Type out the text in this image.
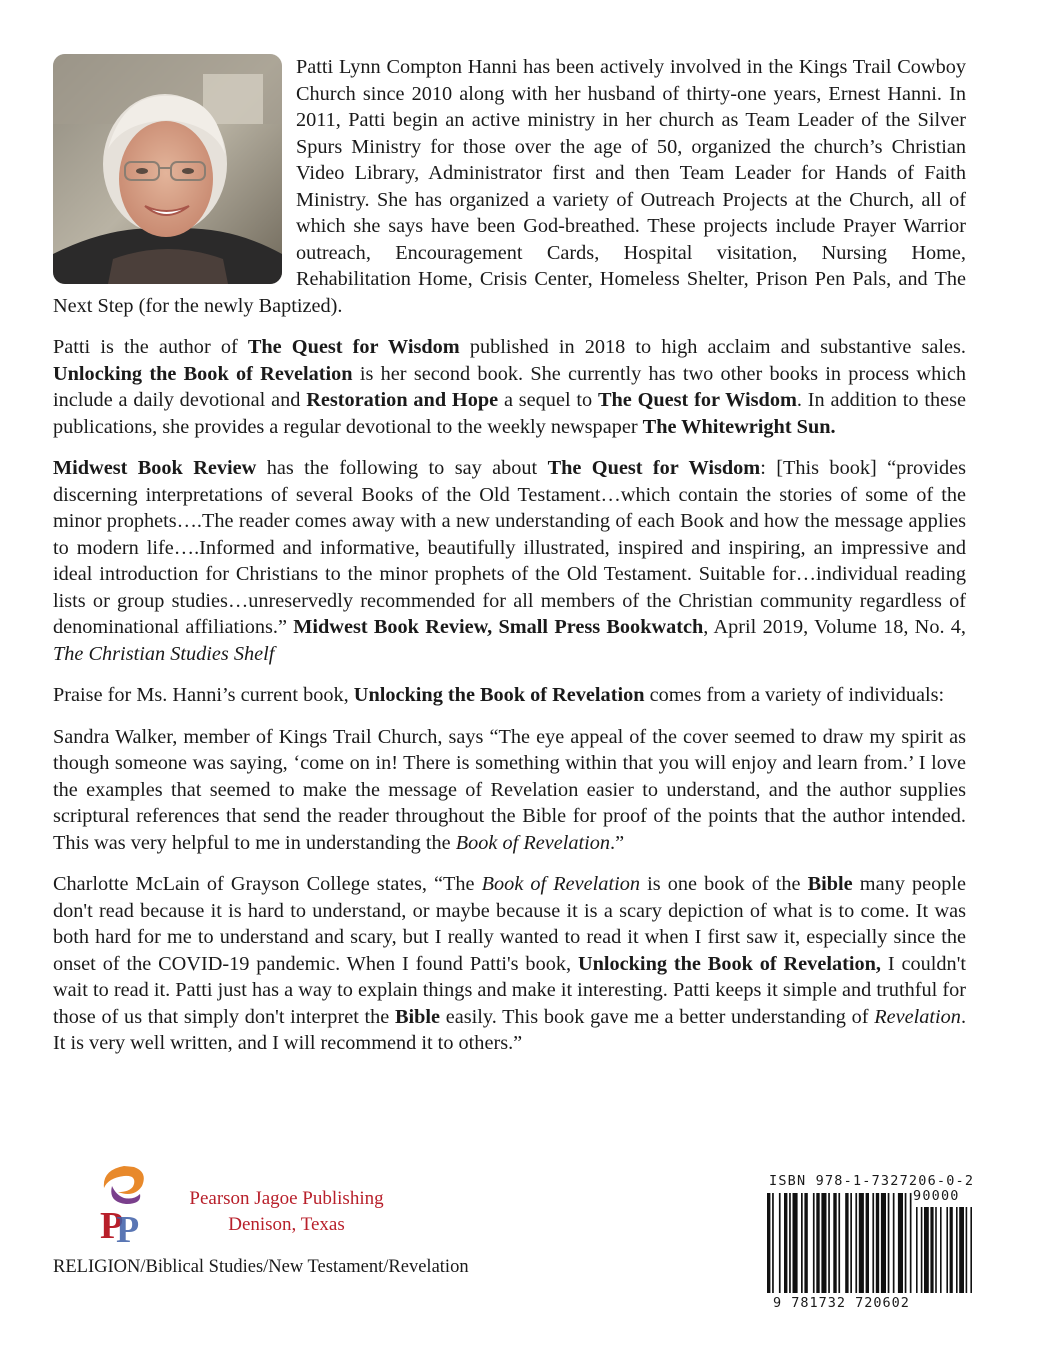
Patti Lynn Compton Hanni has been actively involved in the Kings Trail Cowboy Church since 2010 along with her husband of thirty-one years, Ernest Hanni. In 2011, Patti begin an active ministry in her church as Team Leader of the Silver Spurs Ministry for those over the age of 50, organized the church’s Christian Video Library, Administrator first and then Team Leader for Hands of Faith Ministry. She has organized a variety of Outreach Projects at the Church, all of which she says have been God-breathed. These projects include Prayer Warrior outreach, Encouragement Cards, Hospital visitation, Nursing Home, Rehabilitation Home, Crisis Center, Homeless Shelter, Prison Pen Pals, and The Next Step (for the newly Baptized).

Patti is the author of The Quest for Wisdom published in 2018 to high acclaim and substantive sales. Unlocking the Book of Revelation is her second book. She currently has two other books in process which include a daily devotional and Restoration and Hope a sequel to The Quest for Wisdom. In addition to these publications, she provides a regular devotional to the weekly newspaper The Whitewright Sun.

Midwest Book Review has the following to say about The Quest for Wisdom: [This book] “provides discerning interpretations of several Books of the Old Testament…which contain the stories of some of the minor prophets….The reader comes away with a new understanding of each Book and how the message applies to modern life….Informed and informative, beautifully illustrated, inspired and inspiring, an impressive and ideal introduction for Christians to the minor prophets of the Old Testament. Suitable for…individual reading lists or group studies…unreservedly recommended for all members of the Christian community regardless of denominational affiliations.” Midwest Book Review, Small Press Bookwatch, April 2019, Volume 18, No. 4, The Christian Studies Shelf

Praise for Ms. Hanni’s current book, Unlocking the Book of Revelation comes from a variety of individuals:

Sandra Walker, member of Kings Trail Church, says “The eye appeal of the cover seemed to draw my spirit as though someone was saying, ‘come on in! There is something within that you will enjoy and learn from.’ I love the examples that seemed to make the message of Revelation easier to understand, and the author supplies scriptural references that send the reader throughout the Bible for proof of the points that the author intended. This was very helpful to me in understanding the Book of Revelation.”

Charlotte McLain of Grayson College states, “The Book of Revelation is one book of the Bible many people don't read because it is hard to understand, or maybe because it is a scary depiction of what is to come. It was both hard for me to understand and scary, but I really wanted to read it when I first saw it, especially since the onset of the COVID-19 pandemic. When I found Patti's book, Unlocking the Book of Revelation, I couldn't wait to read it. Patti just has a way to explain things and make it interesting. Patti keeps it simple and truthful for those of us that simply don't interpret the Bible easily. This book gave me a better understanding of Revelation. It is very well written, and I will recommend it to others.”

P
P
Pearson Jagoe Publishing
Denison, Texas
RELIGION/Biblical Studies/New Testament/Revelation
ISBN 978-1-7327206-0-2
90000
9 781732 720602
